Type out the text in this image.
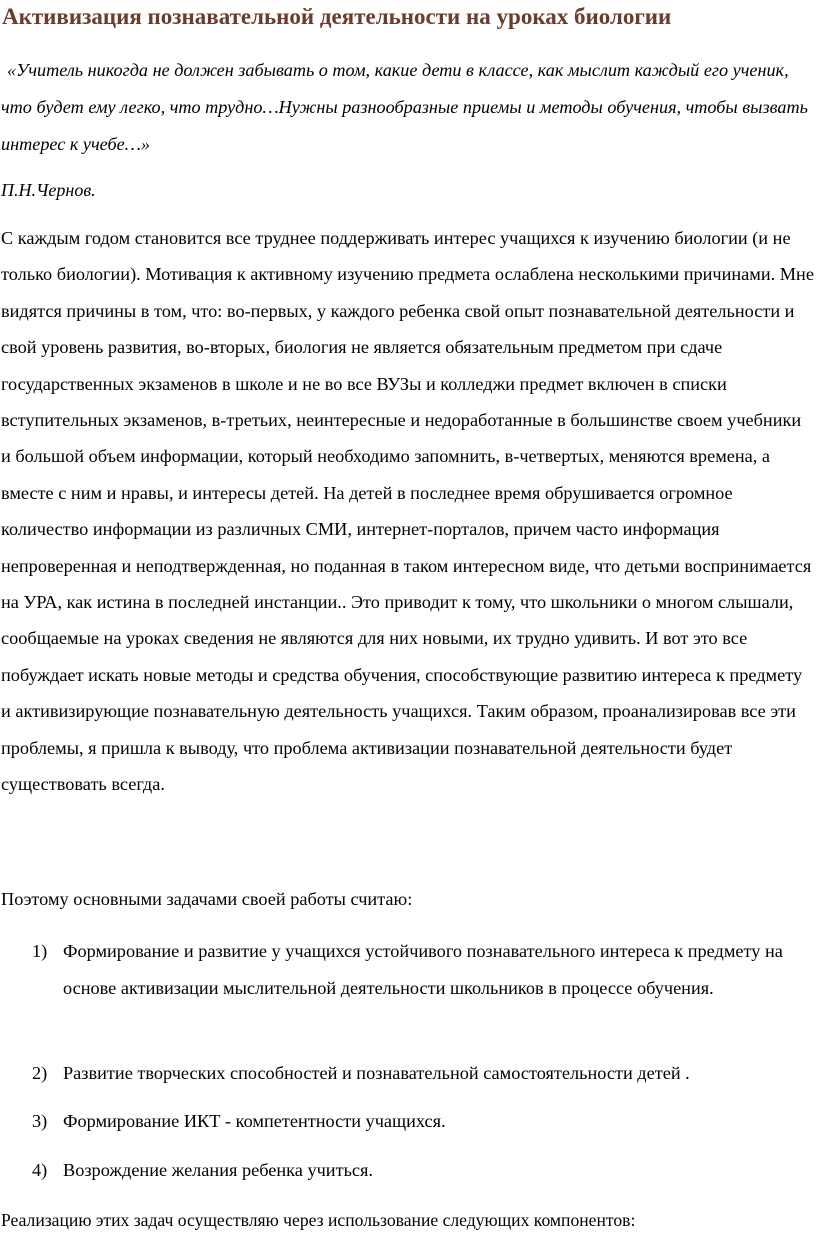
Активизация познавательной деятельности на уроках биологии

«Учитель никогда не должен забывать о том, какие дети в классе, как мыслит каждый его ученик, что будет ему легко, что трудно…Нужны разнообразные приемы и методы обучения, чтобы вызвать интерес к учебе…»

П.Н.Чернов.

С каждым годом становится все труднее поддерживать интерес учащихся к изучению биологии (и не только биологии). Мотивация к активному изучению предмета ослаблена несколькими причинами. Мне видятся причины в том, что: во-первых, у каждого ребенка свой опыт познавательной деятельности и свой уровень развития, во-вторых, биология не является обязательным предметом при сдаче государственных экзаменов в школе и не во все ВУЗы и колледжи предмет включен в списки вступительных экзаменов, в-третьих, неинтересные и недоработанные в большинстве своем учебники и большой объем информации, который необходимо запомнить, в-четвертых, меняются времена, а вместе с ним и нравы, и интересы детей. На детей в последнее время обрушивается огромное количество информации из различных СМИ, интернет-порталов, причем часто информация непроверенная и неподтвержденная, но поданная в таком интересном виде, что детьми воспринимается на УРА, как истина в последней инстанции.. Это приводит к тому, что школьники о многом слышали, сообщаемые на уроках сведения не являются для них новыми, их трудно удивить. И вот это все побуждает искать новые методы и средства обучения, способствующие развитию интереса к предмету и активизирующие познавательную деятельность учащихся. Таким образом, проанализировав все эти проблемы, я пришла к выводу, что проблема активизации познавательной деятельности будет существовать всегда.

Поэтому основными задачами своей работы считаю:

1) Формирование и развитие у учащихся устойчивого познавательного интереса к предмету на основе активизации мыслительной деятельности школьников в процессе обучения.
2) Развитие творческих способностей и познавательной самостоятельности детей .
3) Формирование ИКТ - компетентности учащихся.
4) Возрождение желания ребенка учиться.

Реализацию этих задач осуществляю через использование следующих компонентов:
